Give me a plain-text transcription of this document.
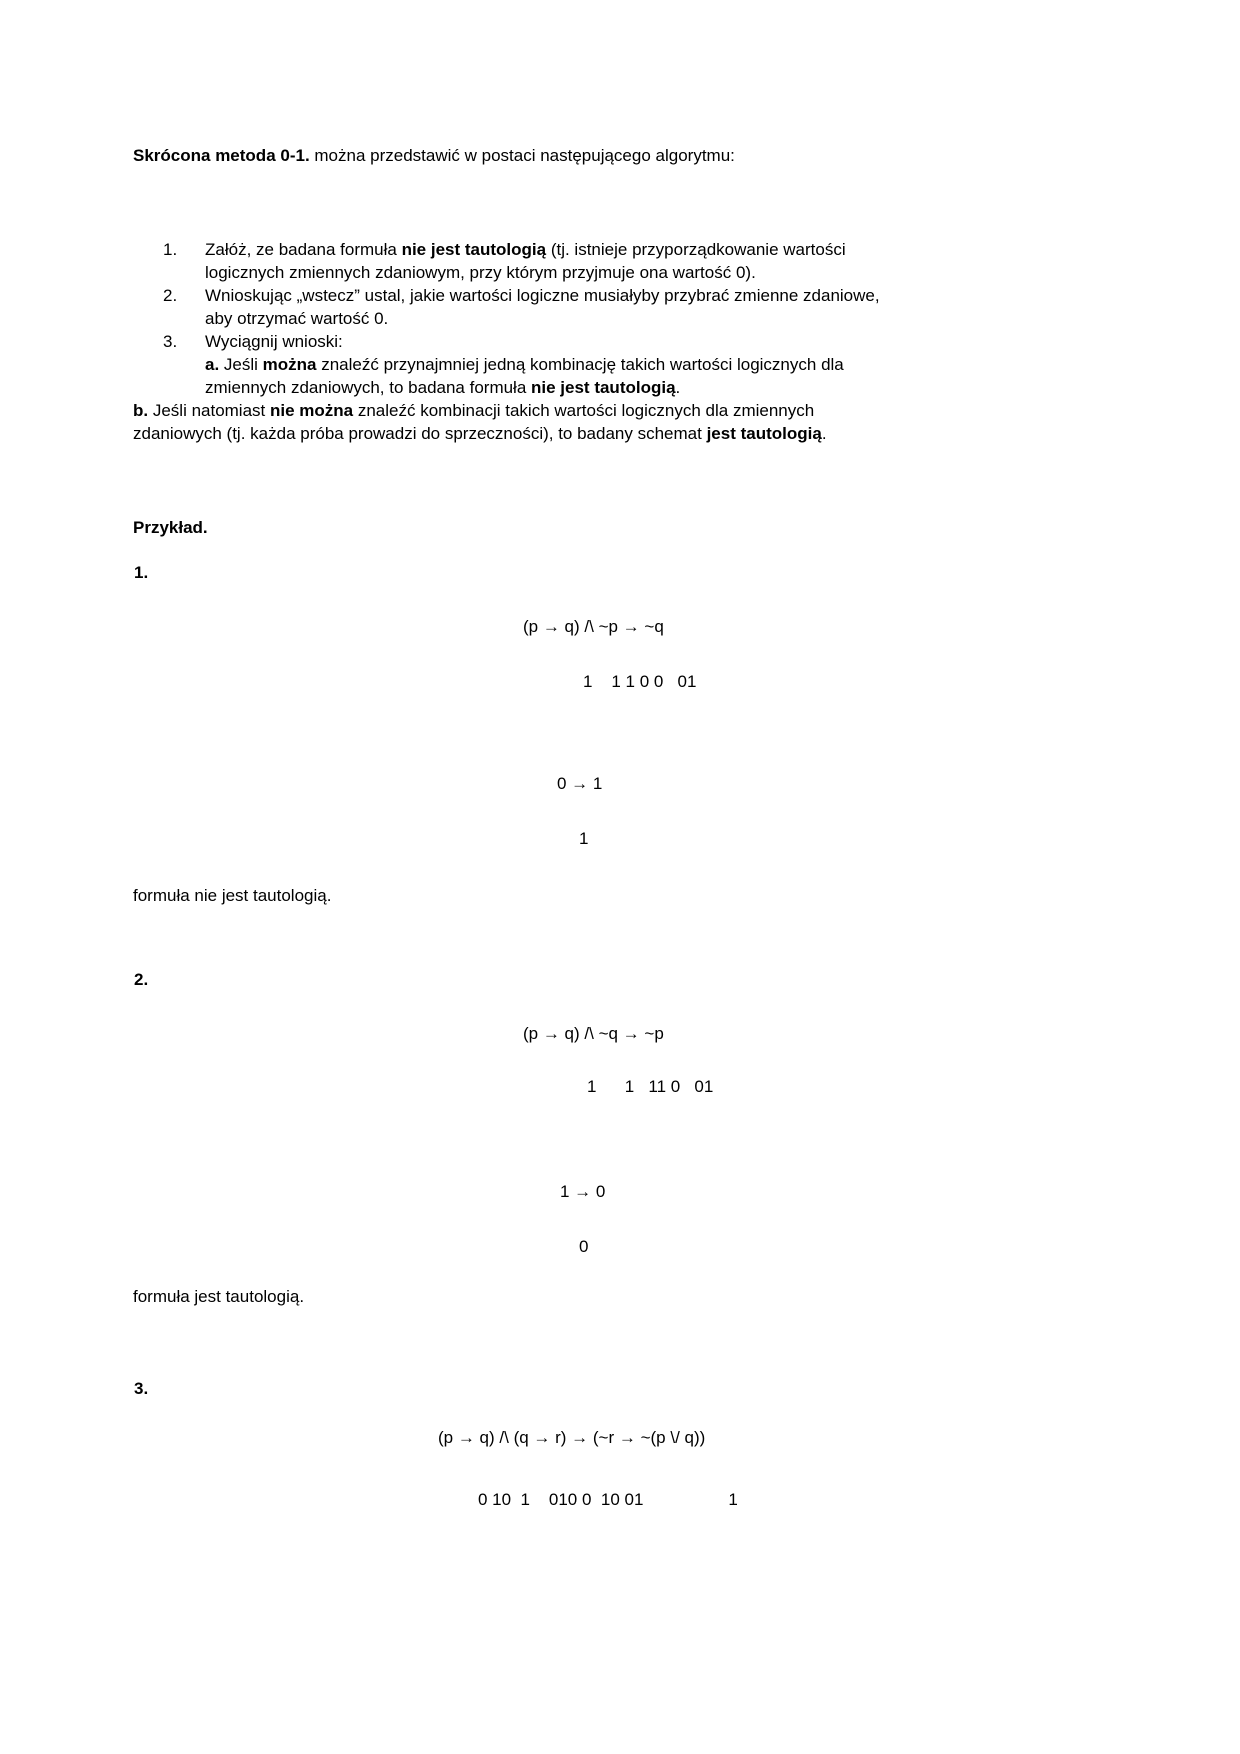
Skrócona metoda 0-1. można przedstawić w postaci następującego algorytmu:
1.	Załóż, ze badana formuła nie jest tautologią (tj. istnieje przyporządkowanie wartości
logicznych zmiennych zdaniowym, przy którym przyjmuje ona wartość 0).
2.	Wnioskując „wstecz” ustal, jakie wartości logiczne musiałyby przybrać zmienne zdaniowe,
aby otrzymać wartość 0.
3.	Wyciągnij wnioski:
a. Jeśli można znaleźć przynajmniej jedną kombinację takich wartości logicznych dla
zmiennych zdaniowych, to badana formuła nie jest tautologią.
b. Jeśli natomiast nie można znaleźć kombinacji takich wartości logicznych dla zmiennych
zdaniowych (tj. każda próba prowadzi do sprzeczności), to badany schemat jest tautologią.
Przykład.
1.
(p → q) /\ ~p → ~q
1    1 1 0 0   01
0 → 1
1
formuła nie jest tautologią.
2.
(p → q) /\ ~q → ~p
1      1   11 0   01
1 → 0
0
formuła jest tautologią.
3.
(p → q) /\ (q → r) → (~r → ~(p \/ q))
0 10  1    010 0  10 01                  1
